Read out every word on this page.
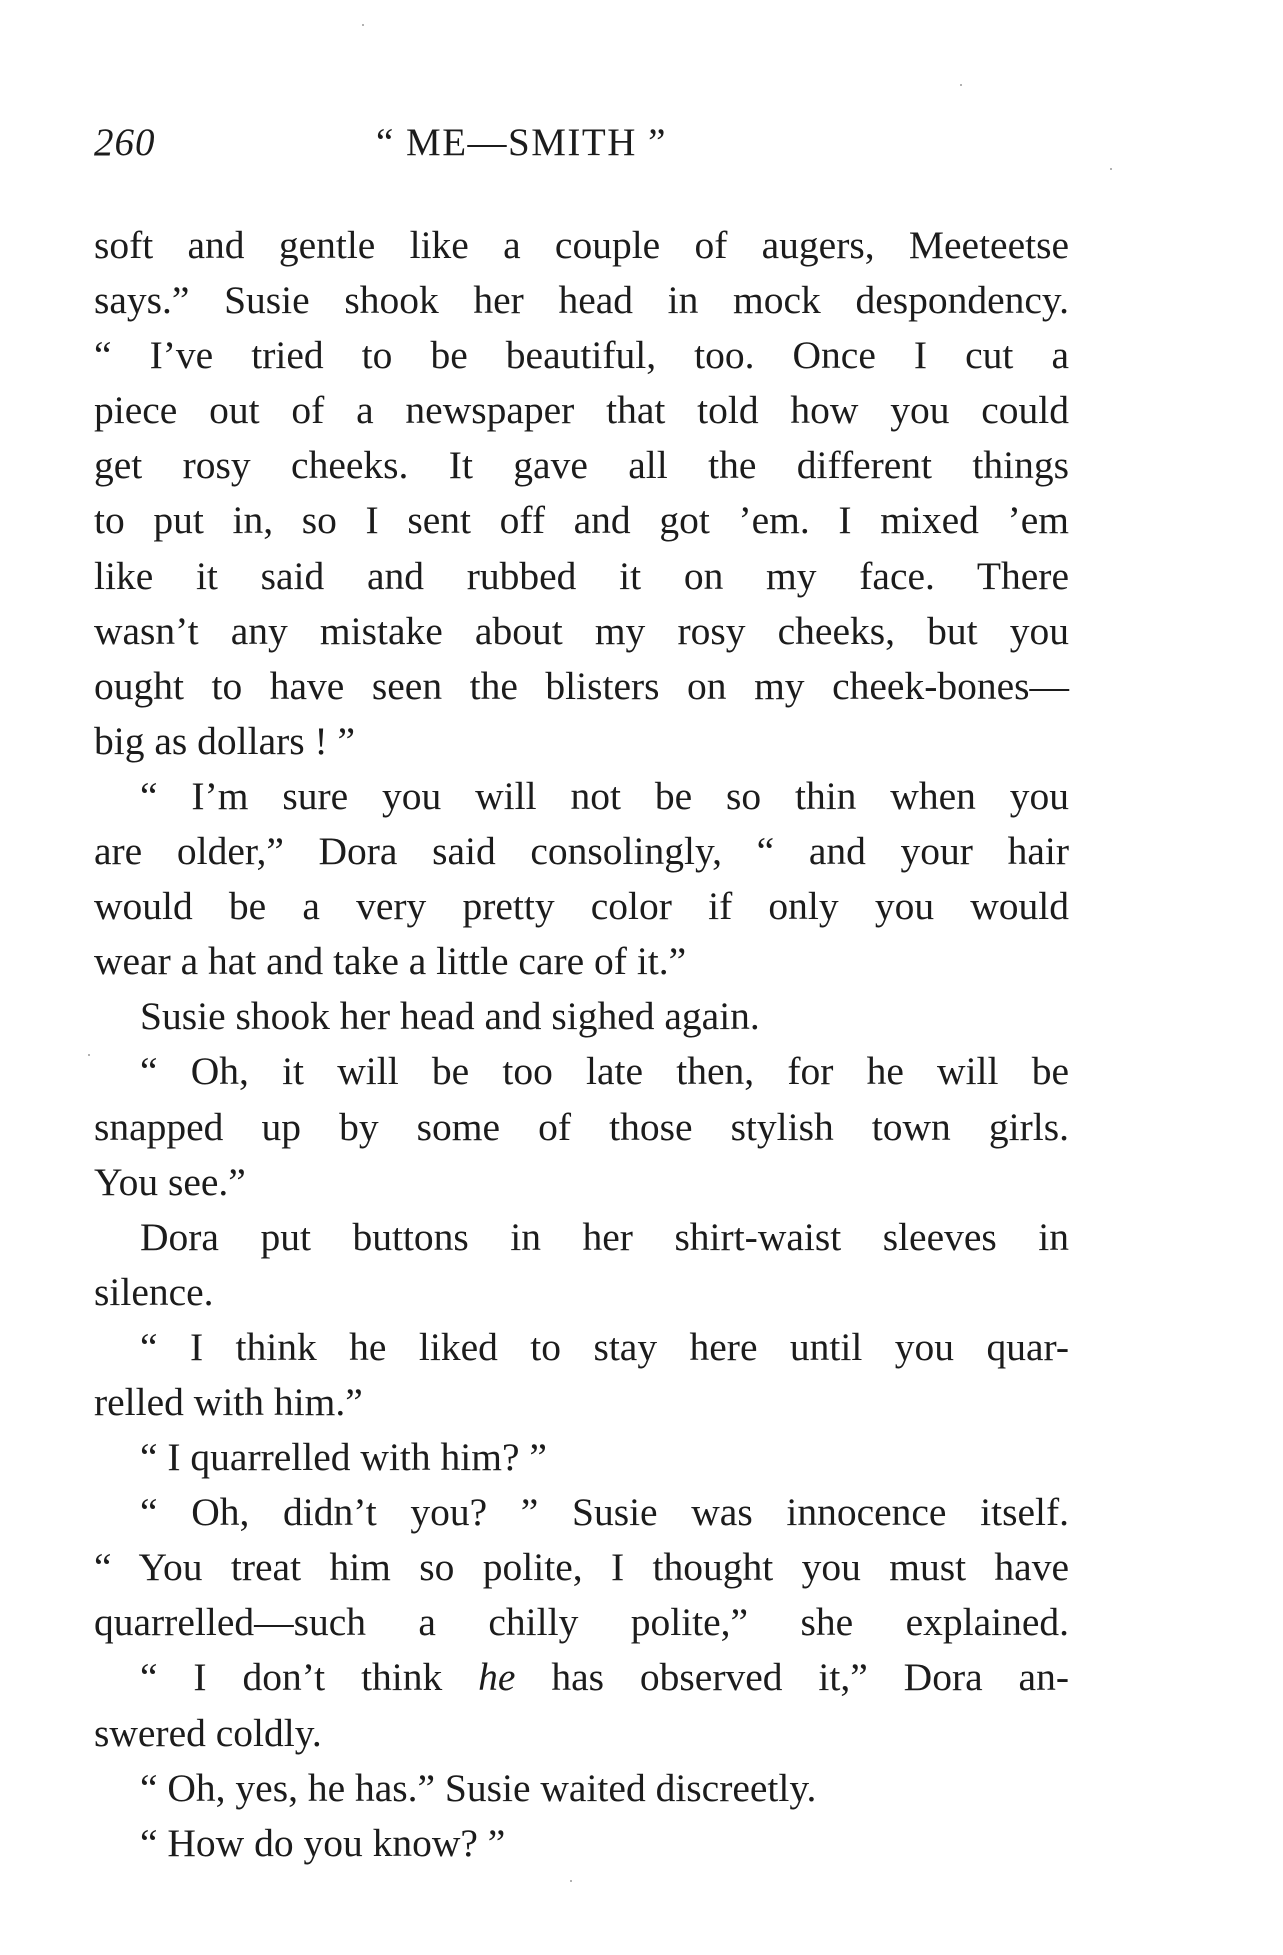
260	“ ME—SMITH ”
soft and gentle like a couple of augers, Meeteetse
says.” Susie shook her head in mock despondency.
“ I’ve tried to be beautiful, too. Once I cut a
piece out of a newspaper that told how you could
get rosy cheeks. It gave all the different things
to put in, so I sent off and got ’em. I mixed ’em
like it said and rubbed it on my face. There
wasn’t any mistake about my rosy cheeks, but you
ought to have seen the blisters on my cheek-bones—
big as dollars ! ”
“ I’m sure you will not be so thin when you
are older,” Dora said consolingly, “ and your hair
would be a very pretty color if only you would
wear a hat and take a little care of it.”
Susie shook her head and sighed again.
“ Oh, it will be too late then, for he will be
snapped up by some of those stylish town girls.
You see.”
Dora put buttons in her shirt-waist sleeves in
silence.
“ I think he liked to stay here until you quar-
relled with him.”
“ I quarrelled with him? ”
“ Oh, didn’t you? ” Susie was innocence itself.
“ You treat him so polite, I thought you must have
quarrelled—such a chilly polite,” she explained.
“ I don’t think he has observed it,” Dora an-
swered coldly.
“ Oh, yes, he has.” Susie waited discreetly.
“ How do you know? ”
